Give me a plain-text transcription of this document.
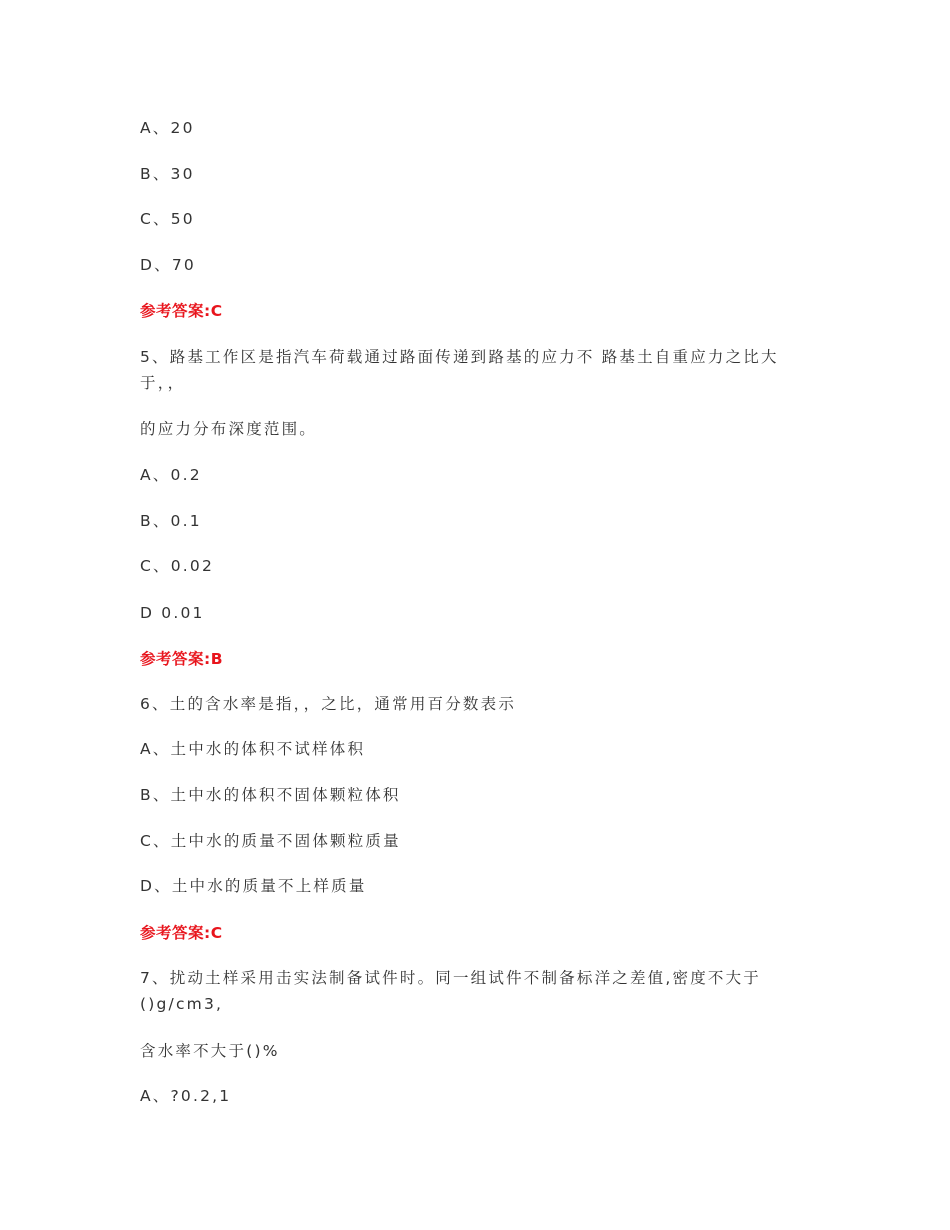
A、20
B、30
C、50
D、70
参考答案:C
5、路基工作区是指汽车荷载通过路面传递到路基的应力不 路基土自重应力之比大于，，
的应力分布深度范围。
A、0.2
B、0.1
C、0.02
D 0.01
参考答案:B
6、土的含水率是指，，之比，通常用百分数表示
A、土中水的体积不试样体积
B、土中水的体积不固体颗粒体积
C、土中水的质量不固体颗粒质量
D、土中水的质量不上样质量
参考答案:C
7、扰动土样采用击实法制备试件时。同一组试件不制备标洋之差值,密度不大于()g/cm3,
含水率不大于()%
A、?0.2,1
